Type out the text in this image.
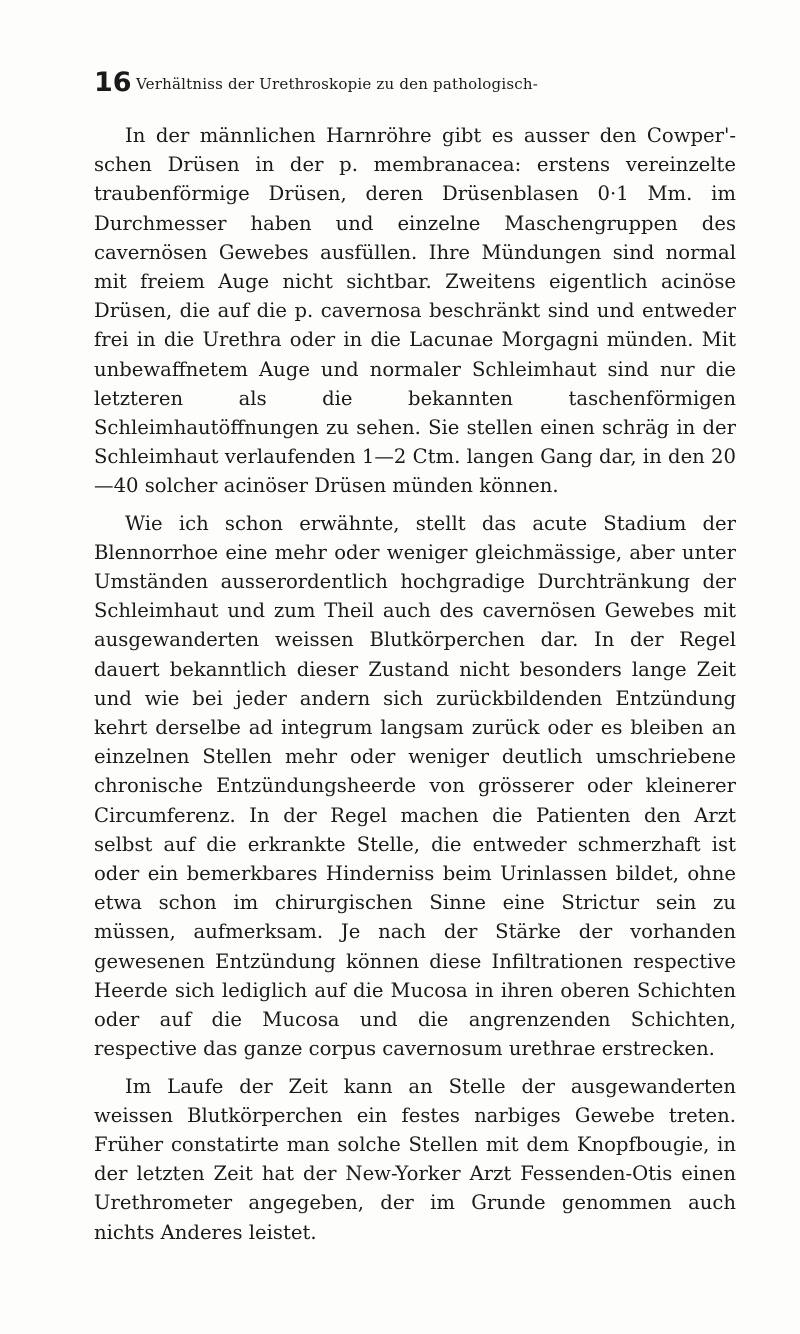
16 Verhältniss der Urethroskopie zu den pathologisch-

In der männlichen Harnröhre gibt es ausser den Cowper'-schen Drüsen in der p. membranacea: erstens vereinzelte traubenförmige Drüsen, deren Drüsenblasen 0·1 Mm. im Durchmesser haben und einzelne Maschengruppen des cavernösen Gewebes ausfüllen. Ihre Mündungen sind normal mit freiem Auge nicht sichtbar. Zweitens eigentlich acinöse Drüsen, die auf die p. cavernosa beschränkt sind und entweder frei in die Urethra oder in die Lacunae Morgagni münden. Mit unbewaffnetem Auge und normaler Schleimhaut sind nur die letzteren als die bekannten taschenförmigen Schleimhautöffnungen zu sehen. Sie stellen einen schräg in der Schleimhaut verlaufenden 1—2 Ctm. langen Gang dar, in den 20—40 solcher acinöser Drüsen münden können.

Wie ich schon erwähnte, stellt das acute Stadium der Blennorrhoe eine mehr oder weniger gleichmässige, aber unter Umständen ausserordentlich hochgradige Durchtränkung der Schleimhaut und zum Theil auch des cavernösen Gewebes mit ausgewanderten weissen Blutkörperchen dar. In der Regel dauert bekanntlich dieser Zustand nicht besonders lange Zeit und wie bei jeder andern sich zurückbildenden Entzündung kehrt derselbe ad integrum langsam zurück oder es bleiben an einzelnen Stellen mehr oder weniger deutlich umschriebene chronische Entzündungsheerde von grösserer oder kleinerer Circumferenz. In der Regel machen die Patienten den Arzt selbst auf die erkrankte Stelle, die entweder schmerzhaft ist oder ein bemerkbares Hinderniss beim Urinlassen bildet, ohne etwa schon im chirurgischen Sinne eine Strictur sein zu müssen, aufmerksam. Je nach der Stärke der vorhanden gewesenen Entzündung können diese Infiltrationen respective Heerde sich lediglich auf die Mucosa in ihren oberen Schichten oder auf die Mucosa und die angrenzenden Schichten, respective das ganze corpus cavernosum urethrae erstrecken.

Im Laufe der Zeit kann an Stelle der ausgewanderten weissen Blutkörperchen ein festes narbiges Gewebe treten. Früher constatirte man solche Stellen mit dem Knopfbougie, in der letzten Zeit hat der New-Yorker Arzt Fessenden-Otis einen Urethrometer angegeben, der im Grunde genommen auch nichts Anderes leistet.
